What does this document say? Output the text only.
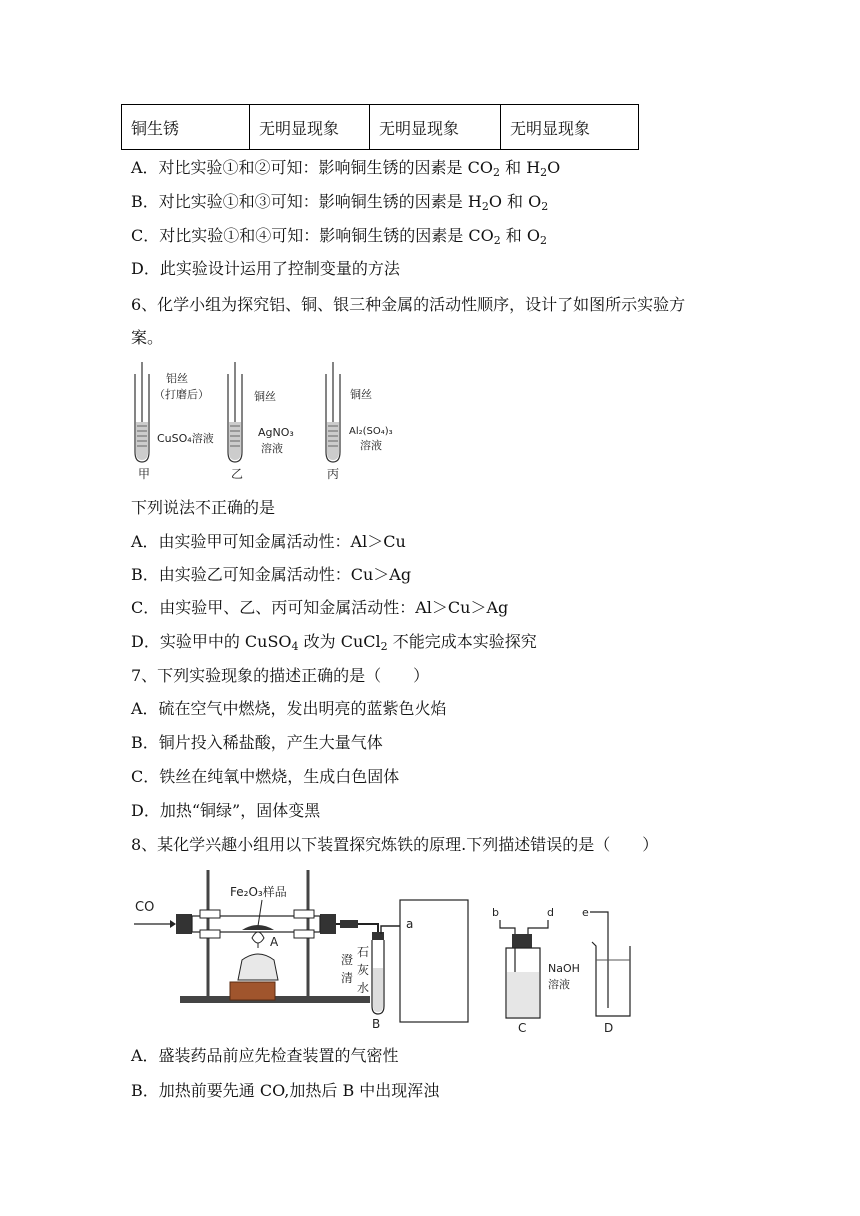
铜生锈	无明显现象	无明显现象	无明显现象
A．对比实验①和②可知：影响铜生锈的因素是 $CO_2$ 和 $H_2O$
B．对比实验①和③可知：影响铜生锈的因素是 $H_2O$ 和 $O_2$
C．对比实验①和④可知：影响铜生锈的因素是 $CO_2$ 和 $O_2$
D．此实验设计运用了控制变量的方法
6、化学小组为探究铝、铜、银三种金属的活动性顺序，设计了如图所示实验方
案。
铝丝
（打磨后）
CuSO₄溶液
甲
铜丝
AgNO₃
溶液
乙
铜丝
Al₂(SO₄)₃
溶液
丙
下列说法不正确的是
A．由实验甲可知金属活动性：Al＞Cu
B．由实验乙可知金属活动性：Cu＞Ag
C．由实验甲、乙、丙可知金属活动性：Al＞Cu＞Ag
D．实验甲中的 CuSO$_4$ 改为 CuCl$_2$ 不能完成本实验探究
7、下列实验现象的描述正确的是（　　）
A．硫在空气中燃烧，发出明亮的蓝紫色火焰
B．铜片投入稀盐酸，产生大量气体
C．铁丝在纯氧中燃烧，生成白色固体
D．加热“铜绿”，固体变黑
8、某化学兴趣小组用以下装置探究炼铁的原理.下列描述错误的是（　　）
CO
Fe₂O₃样品
A
石
灰
水
澄
清
B
a
b	d
NaOH
溶液
C
e
D
A．盛装药品前应先检查装置的气密性
B．加热前要先通 CO,加热后 B 中出现浑浊
